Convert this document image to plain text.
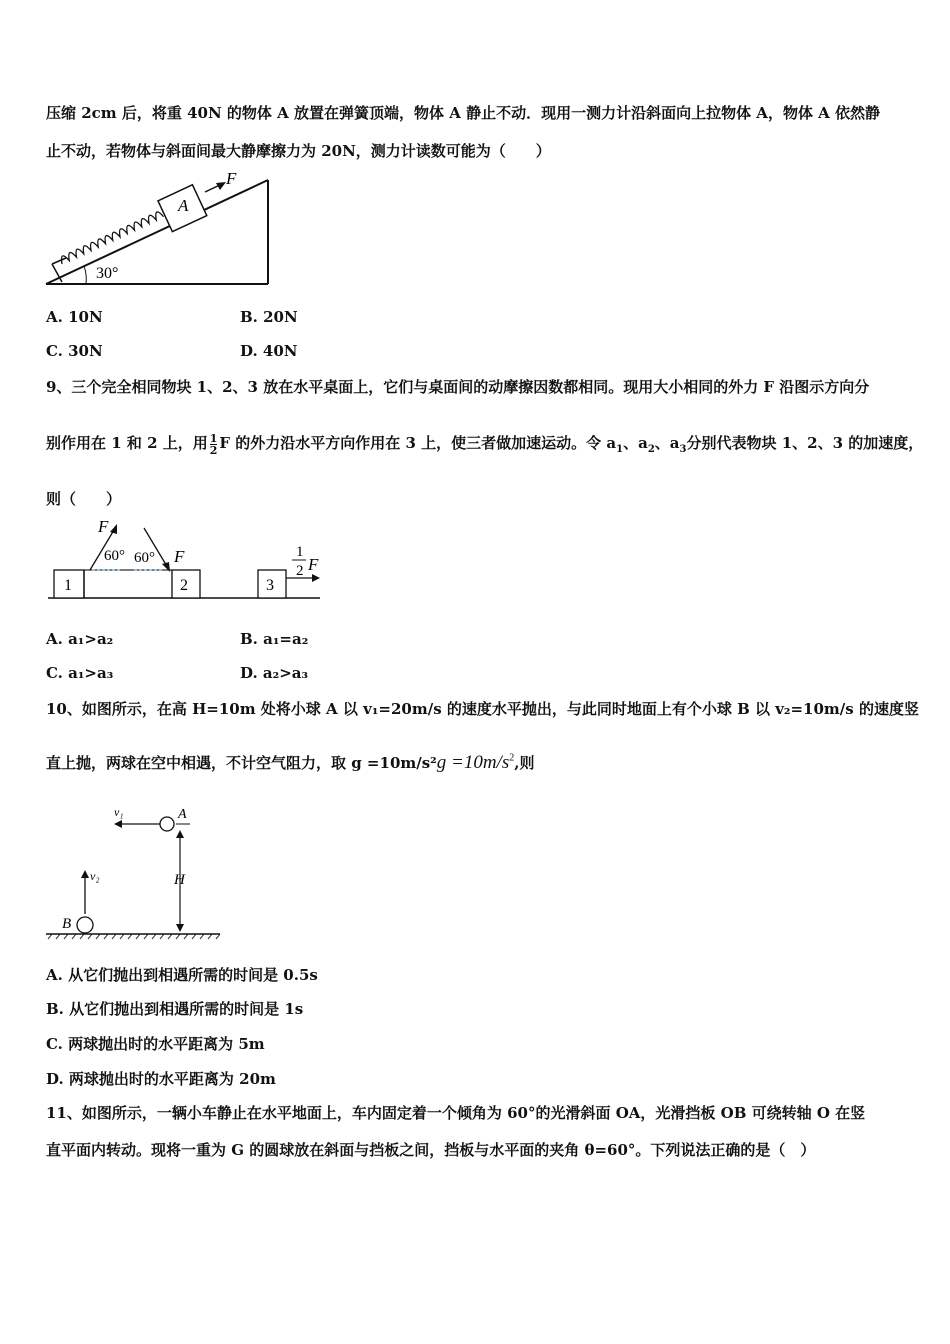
压缩 2cm 后，将重 40N 的物体 A 放置在弹簧顶端，物体 A 静止不动．现用一测力计沿斜面向上拉物体 A，物体 A 依然静
止不动，若物体与斜面间最大静摩擦力为 20N，测力计读数可能为（　　）
A
F
30°
A. 10N	B. 20N
C. 30N	D. 40N
9、三个完全相同物块 1、2、3 放在水平桌面上，它们与桌面间的动摩擦因数都相同。现用大小相同的外力 F 沿图示方向分
别作用在 1 和 2 上，用 $\frac{1}{2}$ F 的外力沿水平方向作用在 3 上，使三者做加速运动。令 $a_1$、$a_2$、$a_3$分别代表物块 1、2、3 的加速度，
则（　　）
1	2
F
60° 60° F
3
1
2 F
A. a₁>a₂	B. a₁=a₂
C. a₁>a₃	D. a₂>a₃
10、如图所示，在高 H=10m 处将小球 A 以 v₁=20m/s 的速度水平抛出，与此同时地面上有个小球 B 以 v₂=10m/s 的速度竖
直上抛，两球在空中相遇，不计空气阻力，取 $g =10m/s^2g =10m/s^2$,则
A
v₁
H
B
v₂
A. 从它们抛出到相遇所需的时间是 0.5s
B. 从它们抛出到相遇所需的时间是 1s
C. 两球抛出时的水平距离为 5m
D. 两球抛出时的水平距离为 20m
11、如图所示，一辆小车静止在水平地面上，车内固定着一个倾角为 60°的光滑斜面 OA，光滑挡板 OB 可绕转轴 O 在竖
直平面内转动。现将一重为 G 的圆球放在斜面与挡板之间，挡板与水平面的夹角 θ=60°。下列说法正确的是（　）
